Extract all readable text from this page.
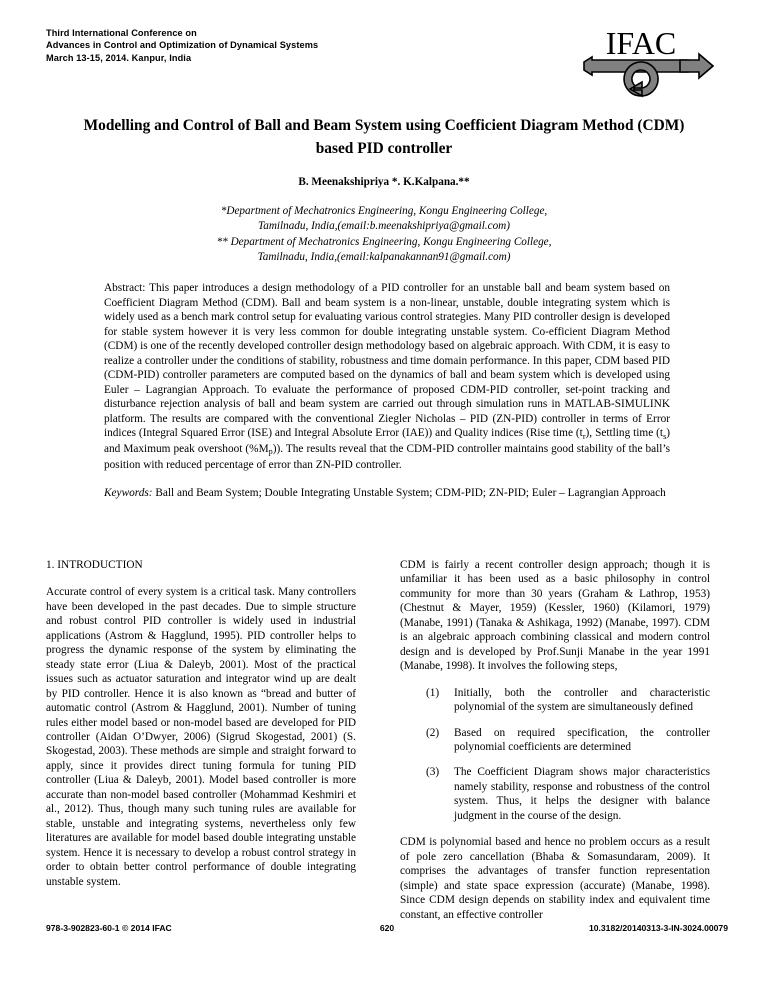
Third International Conference on
Advances in Control and Optimization of Dynamical Systems
March 13-15, 2014. Kanpur, India	IFAC
Modelling and Control of Ball and Beam System using Coefficient Diagram Method (CDM) based PID controller
B. Meenakshipriya *. K.Kalpana.**
*Department of Mechatronics Engineering, Kongu Engineering College,
Tamilnadu, India,(email:b.meenakshipriya@gmail.com)
** Department of Mechatronics Engineering, Kongu Engineering College,
Tamilnadu, India,(email:kalpanakannan91@gmail.com)

Abstract: This paper introduces a design methodology of a PID controller for an unstable ball and beam system based on Coefficient Diagram Method (CDM). Ball and beam system is a non-linear, unstable, double integrating system which is widely used as a bench mark control setup for evaluating various control strategies. Many PID controller design is developed for stable system however it is very less common for double integrating unstable system. Co-efficient Diagram Method (CDM) is one of the recently developed controller design methodology based on algebraic approach. With CDM, it is easy to realize a controller under the conditions of stability, robustness and time domain performance. In this paper, CDM based PID (CDM-PID) controller parameters are computed based on the dynamics of ball and beam system which is developed using Euler – Lagrangian Approach. To evaluate the performance of proposed CDM-PID controller, set-point tracking and disturbance rejection analysis of ball and beam system are carried out through simulation runs in MATLAB-SIMULINK platform. The results are compared with the conventional Ziegler Nicholas – PID (ZN-PID) controller in terms of Error indices (Integral Squared Error (ISE) and Integral Absolute Error (IAE)) and Quality indices (Rise time $(t_r)$, Settling time $(t_s)$ and Maximum peak overshoot $(\%M_p)$). The results reveal that the CDM-PID controller maintains good stability of the ball’s position with reduced percentage of error than ZN-PID controller.

Keywords: Ball and Beam System; Double Integrating Unstable System; CDM-PID; ZN-PID; Euler – Lagrangian Approach

1. INTRODUCTION

Accurate control of every system is a critical task. Many controllers have been developed in the past decades. Due to simple structure and robust control PID controller is widely used in industrial applications (Astrom & Hagglund, 1995). PID controller helps to progress the dynamic response of the system by eliminating the steady state error (Liua & Daleyb, 2001). Most of the practical issues such as actuator saturation and integrator wind up are dealt by PID controller. Hence it is also known as “bread and butter of automatic control (Astrom & Hagglund, 2001). Number of tuning rules either model based or non-model based are developed for PID controller (Aidan O’Dwyer, 2006) (Sigrud Skogestad, 2001) (S. Skogestad, 2003). These methods are simple and straight forward to apply, since it provides direct tuning formula for tuning PID controller (Liua & Daleyb, 2001). Model based controller is more accurate than non-model based controller (Mohammad Keshmiri et al., 2012). Thus, though many such tuning rules are available for stable, unstable and integrating systems, nevertheless only few literatures are available for model based double integrating unstable system. Hence it is necessary to develop a robust control strategy in order to obtain better control performance of double integrating unstable system.

CDM is fairly a recent controller design approach; though it is unfamiliar it has been used as a basic philosophy in control community for more than 30 years (Graham & Lathrop, 1953) (Chestnut & Mayer, 1959) (Kessler, 1960) (Kilamori, 1979) (Manabe, 1991) (Tanaka & Ashikaga, 1992) (Manabe, 1997). CDM is an algebraic approach combining classical and modern control design and is developed by Prof.Sunji Manabe in the year 1991 (Manabe, 1998). It involves the following steps,

(1) Initially, both the controller and characteristic polynomial of the system are simultaneously defined
(2) Based on required specification, the controller polynomial coefficients are determined
(3) The Coefficient Diagram shows major characteristics namely stability, response and robustness of the control system. Thus, it helps the designer with balance judgment in the course of the design.

CDM is polynomial based and hence no problem occurs as a result of pole zero cancellation (Bhaba & Somasundaram, 2009). It comprises the advantages of transfer function representation (simple) and state space expression (accurate) (Manabe, 1998). Since CDM design depends on stability index and equivalent time constant, an effective controller

978-3-902823-60-1 © 2014 IFAC	620	10.3182/20140313-3-IN-3024.00079
